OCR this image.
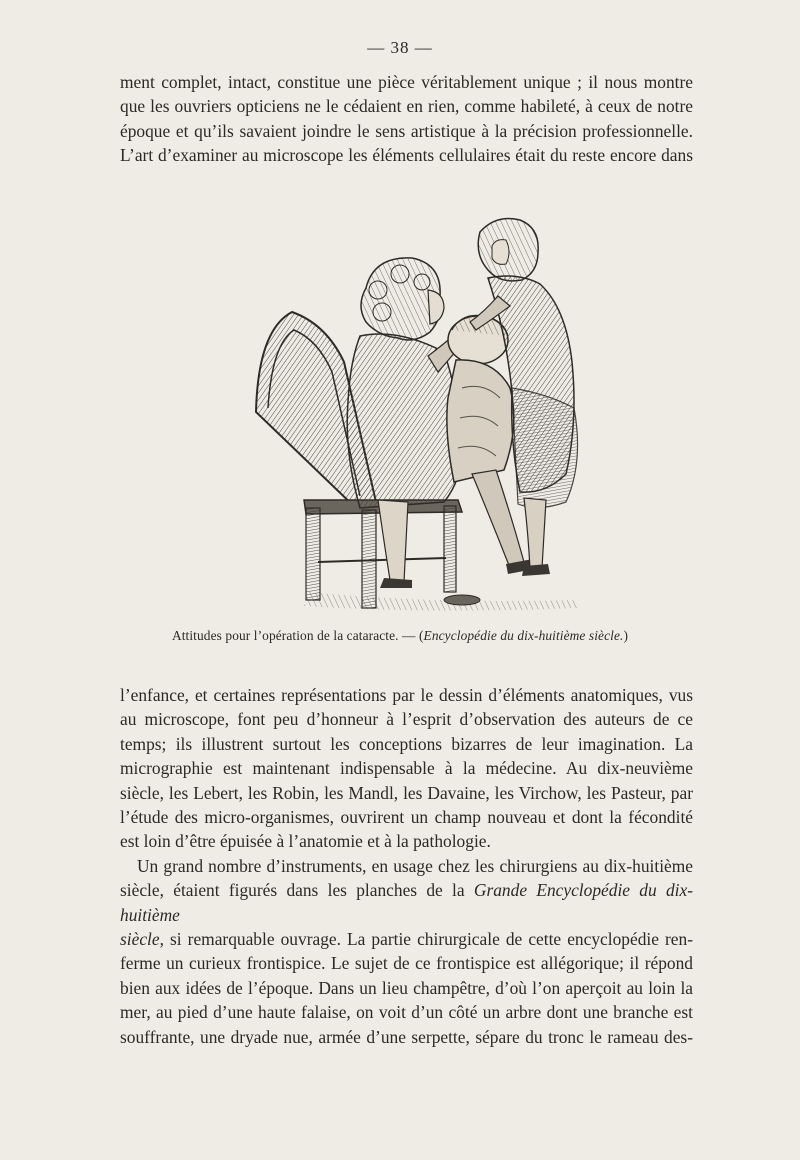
— 38 —
ment complet, intact, constitue une pièce véritablement unique ; il nous montre
que les ouvriers opticiens ne le cédaient en rien, comme habileté, à ceux de notre
époque et qu’ils savaient joindre le sens artistique à la précision professionnelle.
L’art d’examiner au microscope les éléments cellulaires était du reste encore dans
Attitudes pour l’opération de la cataracte. — (Encyclopédie du dix-huitième siècle.)
l’enfance, et certaines représentations par le dessin d’éléments anatomiques, vus
au microscope, font peu d’honneur à l’esprit d’observation des auteurs de ce
temps; ils illustrent surtout les conceptions bizarres de leur imagination. La
micrographie est maintenant indispensable à la médecine. Au dix-neuvième
siècle, les Lebert, les Robin, les Mandl, les Davaine, les Virchow, les Pasteur, par
l’étude des micro-organismes, ouvrirent un champ nouveau et dont la fécondité
est loin d’être épuisée à l’anatomie et à la pathologie.
Un grand nombre d’instruments, en usage chez les chirurgiens au dix-huitième
siècle, étaient figurés dans les planches de la Grande Encyclopédie du dix-huitième
siècle, si remarquable ouvrage. La partie chirurgicale de cette encyclopédie ren-
ferme un curieux frontispice. Le sujet de ce frontispice est allégorique; il répond
bien aux idées de l’époque. Dans un lieu champêtre, d’où l’on aperçoit au loin la
mer, au pied d’une haute falaise, on voit d’un côté un arbre dont une branche est
souffrante, une dryade nue, armée d’une serpette, sépare du tronc le rameau des-
